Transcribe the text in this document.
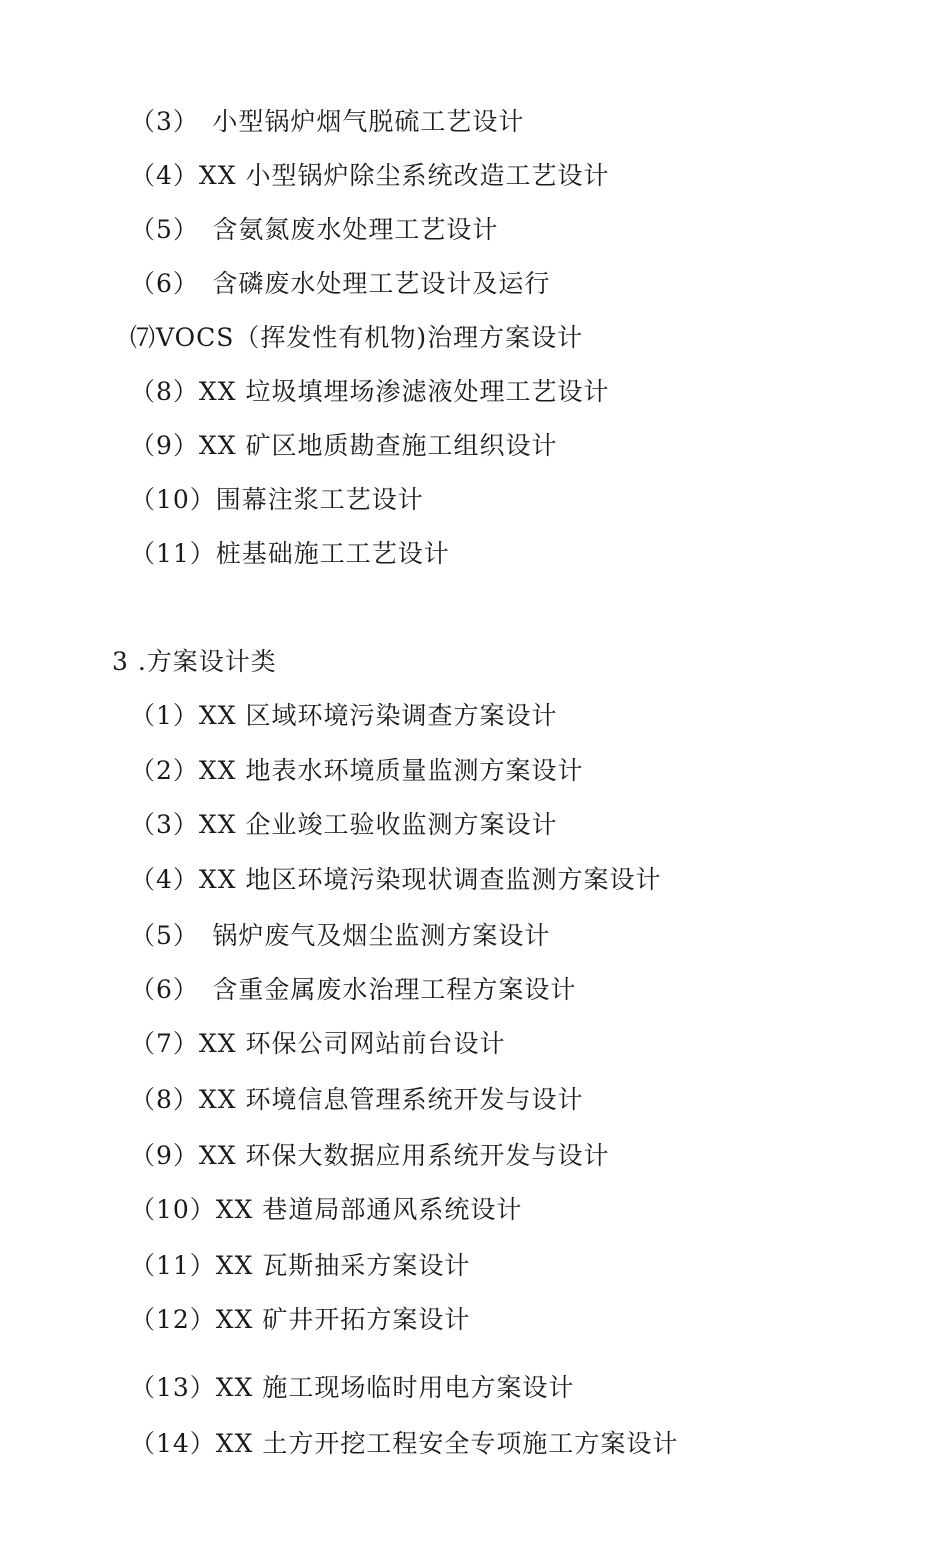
（3）　小型锅炉烟气脱硫工艺设计
（4）XX 小型锅炉除尘系统改造工艺设计
（5）　含氨氮废水处理工艺设计
（6）　含磷废水处理工艺设计及运行
⑺VOCS（挥发性有机物)治理方案设计
（8）XX 垃圾填埋场渗滤液处理工艺设计
（9）XX 矿区地质勘查施工组织设计
（10）围幕注浆工艺设计
（11）桩基础施工工艺设计
3 .方案设计类
（1）XX 区域环境污染调查方案设计
（2）XX 地表水环境质量监测方案设计
（3）XX 企业竣工验收监测方案设计
（4）XX 地区环境污染现状调查监测方案设计
（5）　锅炉废气及烟尘监测方案设计
（6）　含重金属废水治理工程方案设计
（7）XX 环保公司网站前台设计
（8）XX 环境信息管理系统开发与设计
（9）XX 环保大数据应用系统开发与设计
（10）XX 巷道局部通风系统设计
（11）XX 瓦斯抽采方案设计
（12）XX 矿井开拓方案设计
（13）XX 施工现场临时用电方案设计
（14）XX 土方开挖工程安全专项施工方案设计
